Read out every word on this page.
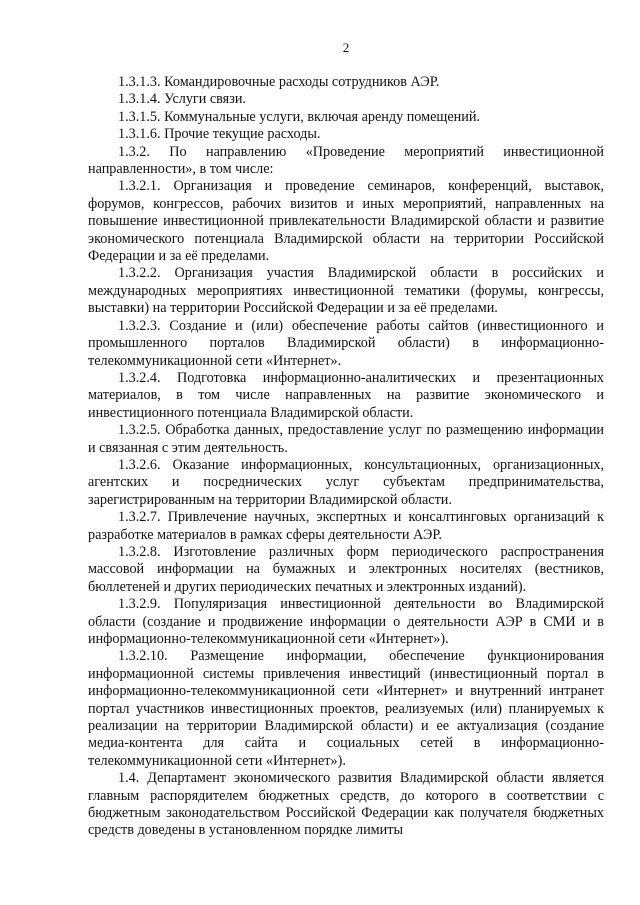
2

1.3.1.3. Командировочные расходы сотрудников АЭР.

1.3.1.4. Услуги связи.

1.3.1.5. Коммунальные услуги, включая аренду помещений.

1.3.1.6. Прочие текущие расходы.

1.3.2. По направлению «Проведение мероприятий инвестиционной направленности», в том числе:

1.3.2.1. Организация и проведение семинаров, конференций, выставок, форумов, конгрессов, рабочих визитов и иных мероприятий, направленных на повышение инвестиционной привлекательности Владимирской области и развитие экономического потенциала Владимирской области на территории Российской Федерации и за её пределами.

1.3.2.2. Организация участия Владимирской области в российских и международных мероприятиях инвестиционной тематики (форумы, конгрессы, выставки) на территории Российской Федерации и за её пределами.

1.3.2.3. Создание и (или) обеспечение работы сайтов (инвестиционного и промышленного порталов Владимирской области) в информационно-телекоммуникационной сети «Интернет».

1.3.2.4. Подготовка информационно-аналитических и презентационных материалов, в том числе направленных на развитие экономического и инвестиционного потенциала Владимирской области.

1.3.2.5. Обработка данных, предоставление услуг по размещению информации и связанная с этим деятельность.

1.3.2.6. Оказание информационных, консультационных, организационных, агентских и посреднических услуг субъектам предпринимательства, зарегистрированным на территории Владимирской области.

1.3.2.7. Привлечение научных, экспертных и консалтинговых организаций к разработке материалов в рамках сферы деятельности АЭР.

1.3.2.8. Изготовление различных форм периодического распространения массовой информации на бумажных и электронных носителях (вестников, бюллетеней и других периодических печатных и электронных изданий).

1.3.2.9. Популяризация инвестиционной деятельности во Владимирской области (создание и продвижение информации о деятельности АЭР в СМИ и в информационно-телекоммуникационной сети «Интернет»).

1.3.2.10. Размещение информации, обеспечение функционирования информационной системы привлечения инвестиций (инвестиционный портал в информационно-телекоммуникационной сети «Интернет» и внутренний интранет портал участников инвестиционных проектов, реализуемых (или) планируемых к реализации на территории Владимирской области) и ее актуализация (создание медиа-контента для сайта и социальных сетей в информационно-телекоммуникационной сети «Интернет»).

1.4. Департамент экономического развития Владимирской области является главным распорядителем бюджетных средств, до которого в соответствии с бюджетным законодательством Российской Федерации как получателя бюджетных средств доведены в установленном порядке лимиты
